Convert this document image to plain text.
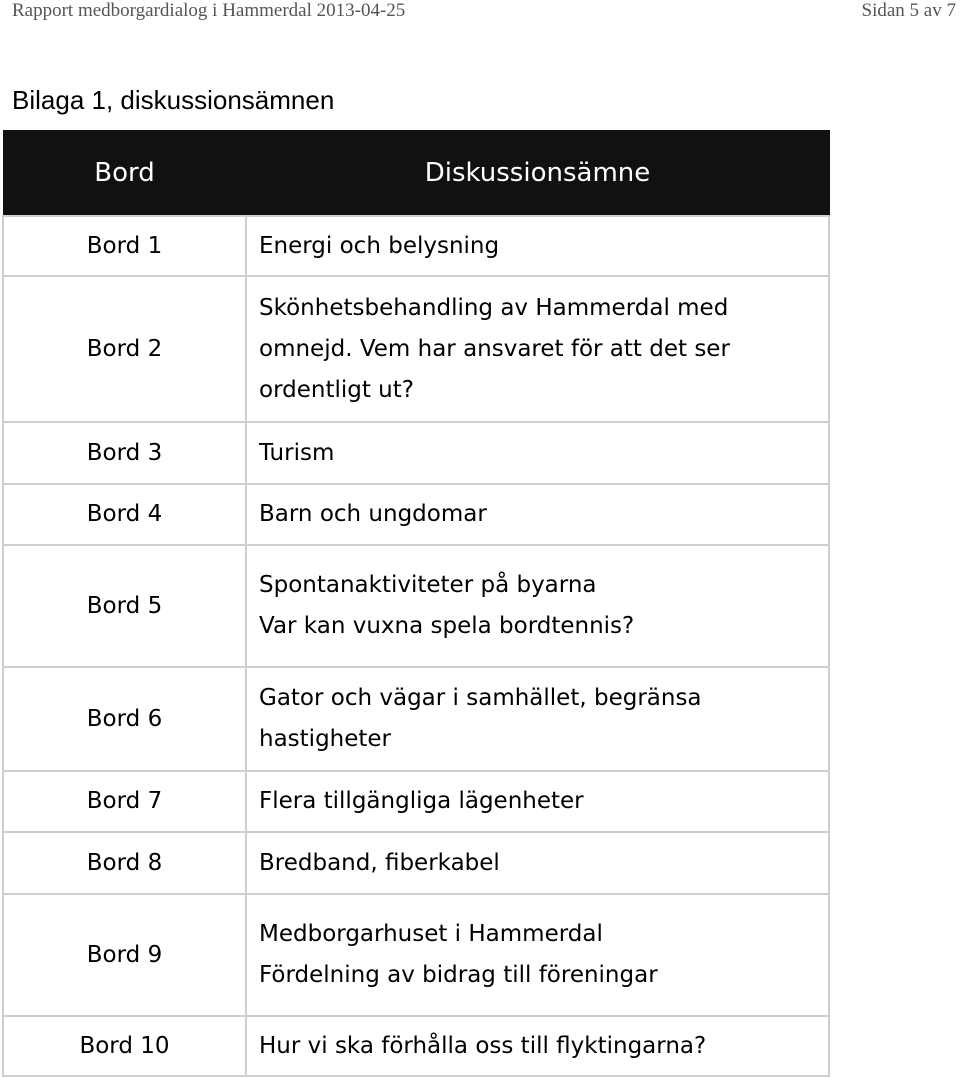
Rapport medborgardialog i Hammerdal 2013-04-25	Sidan 5 av 7
Bilaga 1, diskussionsämnen
Bord	Diskussionsämne
Bord 1	Energi och belysning

Bord 2	Skönhetsbehandling av Hammerdal med
omnejd. Vem har ansvaret för att det ser
ordentligt ut?

Bord 3	Turism

Bord 4	Barn och ungdomar

Bord 5	Spontanaktiviteter på byarna
Var kan vuxna spela bordtennis?

Bord 6	Gator och vägar i samhället, begränsa
hastigheter

Bord 7	Flera tillgängliga lägenheter

Bord 8	Bredband, fiberkabel

Bord 9	Medborgarhuset i Hammerdal
Fördelning av bidrag till föreningar

Bord 10	Hur vi ska förhålla oss till flyktingarna?
